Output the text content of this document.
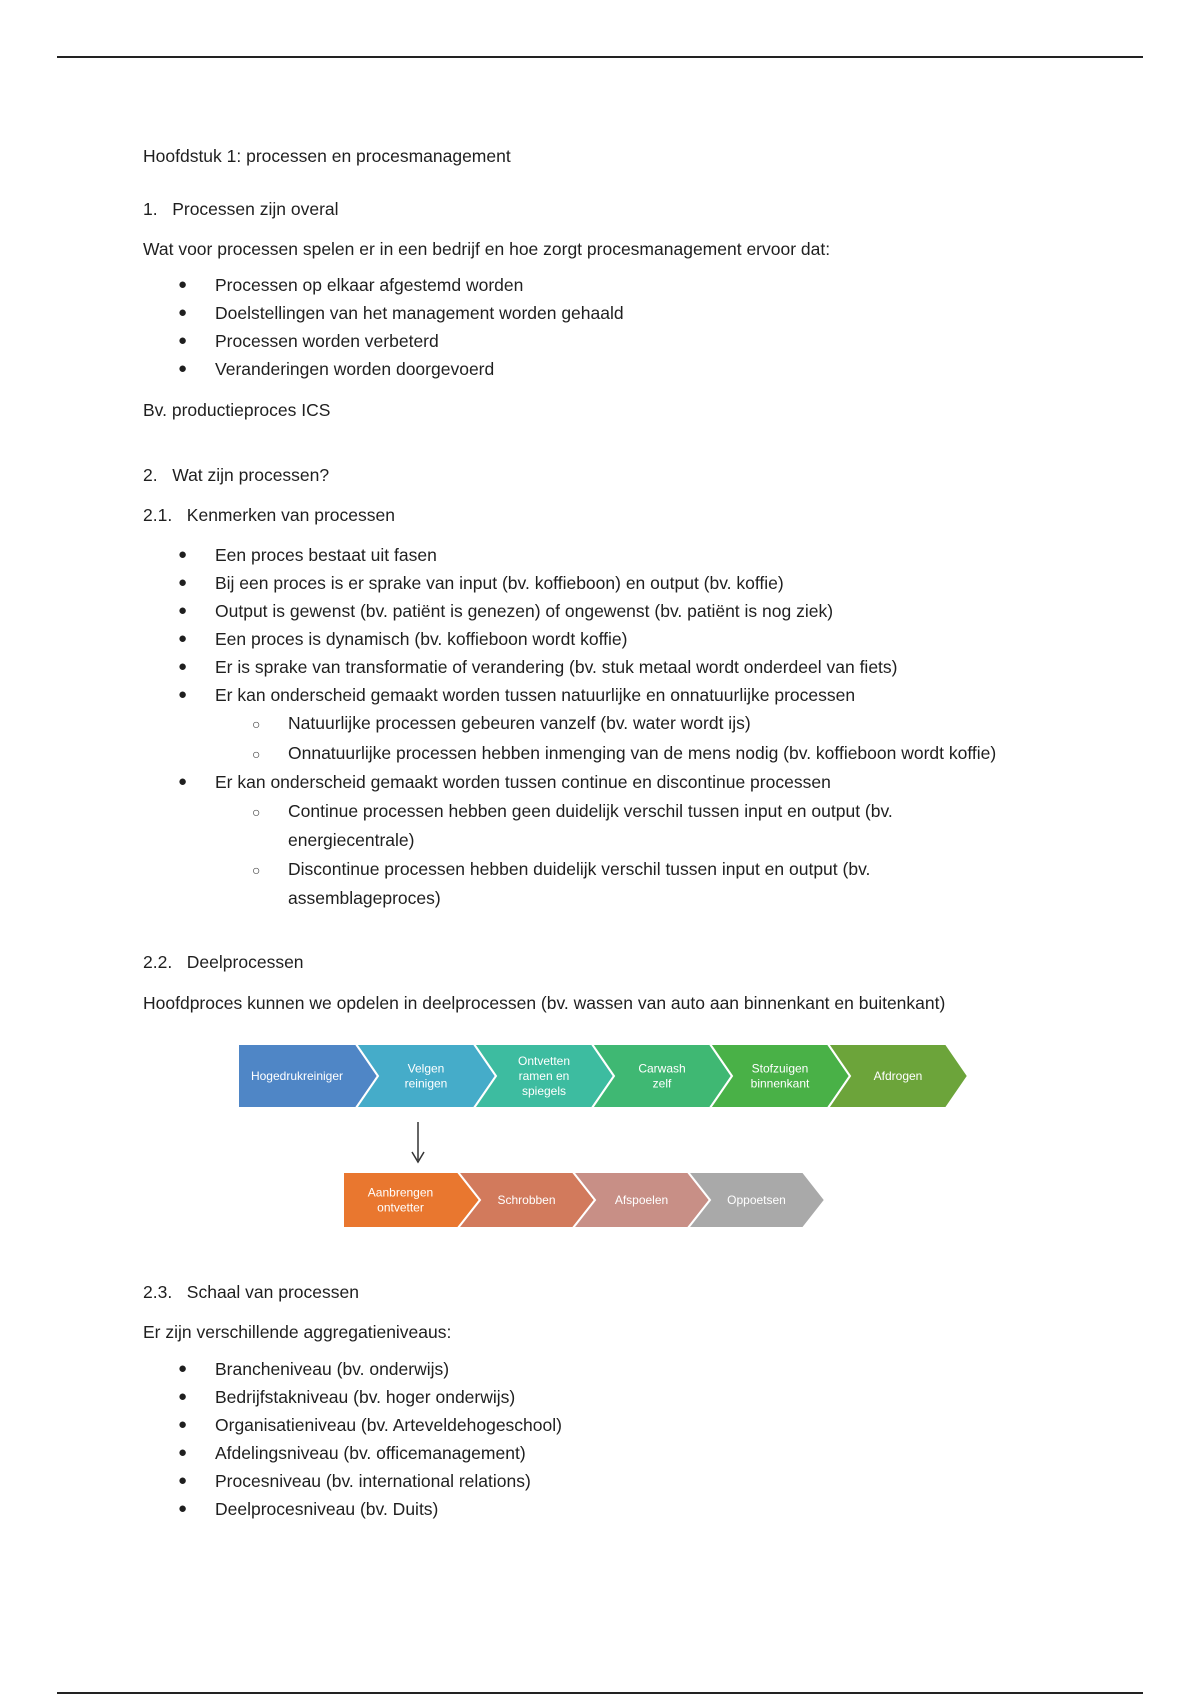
Hoofdstuk 1: processen en procesmanagement
1. Processen zijn overal
Wat voor processen spelen er in een bedrijf en hoe zorgt procesmanagement ervoor dat:
● Processen op elkaar afgestemd worden
● Doelstellingen van het management worden gehaald
● Processen worden verbeterd
● Veranderingen worden doorgevoerd
Bv. productieproces ICS
2. Wat zijn processen?
2.1. Kenmerken van processen
● Een proces bestaat uit fasen
● Bij een proces is er sprake van input (bv. koffieboon) en output (bv. koffie)
● Output is gewenst (bv. patiënt is genezen) of ongewenst (bv. patiënt is nog ziek)
● Een proces is dynamisch (bv. koffieboon wordt koffie)
● Er is sprake van transformatie of verandering (bv. stuk metaal wordt onderdeel van fiets)
● Er kan onderscheid gemaakt worden tussen natuurlijke en onnatuurlijke processen
○ Natuurlijke processen gebeuren vanzelf (bv. water wordt ijs)
○ Onnatuurlijke processen hebben inmenging van de mens nodig (bv. koffieboon wordt koffie)
● Er kan onderscheid gemaakt worden tussen continue en discontinue processen
○ Continue processen hebben geen duidelijk verschil tussen input en output (bv.
energiecentrale)
○ Discontinue processen hebben duidelijk verschil tussen input en output (bv.
assemblageproces)
2.2. Deelprocessen
Hoofdproces kunnen we opdelen in deelprocessen (bv. wassen van auto aan binnenkant en buitenkant)
Hogedrukreiniger
Velgen
reinigen
Ontvetten
ramen en
spiegels
Carwash
zelf
Stofzuigen
binnenkant
Afdrogen
Aanbrengen
ontvetter
Schrobben	Afspoelen	Oppoetsen
2.3. Schaal van processen
Er zijn verschillende aggregatieniveaus:
● Brancheniveau (bv. onderwijs)
● Bedrijfstakniveau (bv. hoger onderwijs)
● Organisatieniveau (bv. Arteveldehogeschool)
● Afdelingsniveau (bv. officemanagement)
● Procesniveau (bv. international relations)
● Deelprocesniveau (bv. Duits)
